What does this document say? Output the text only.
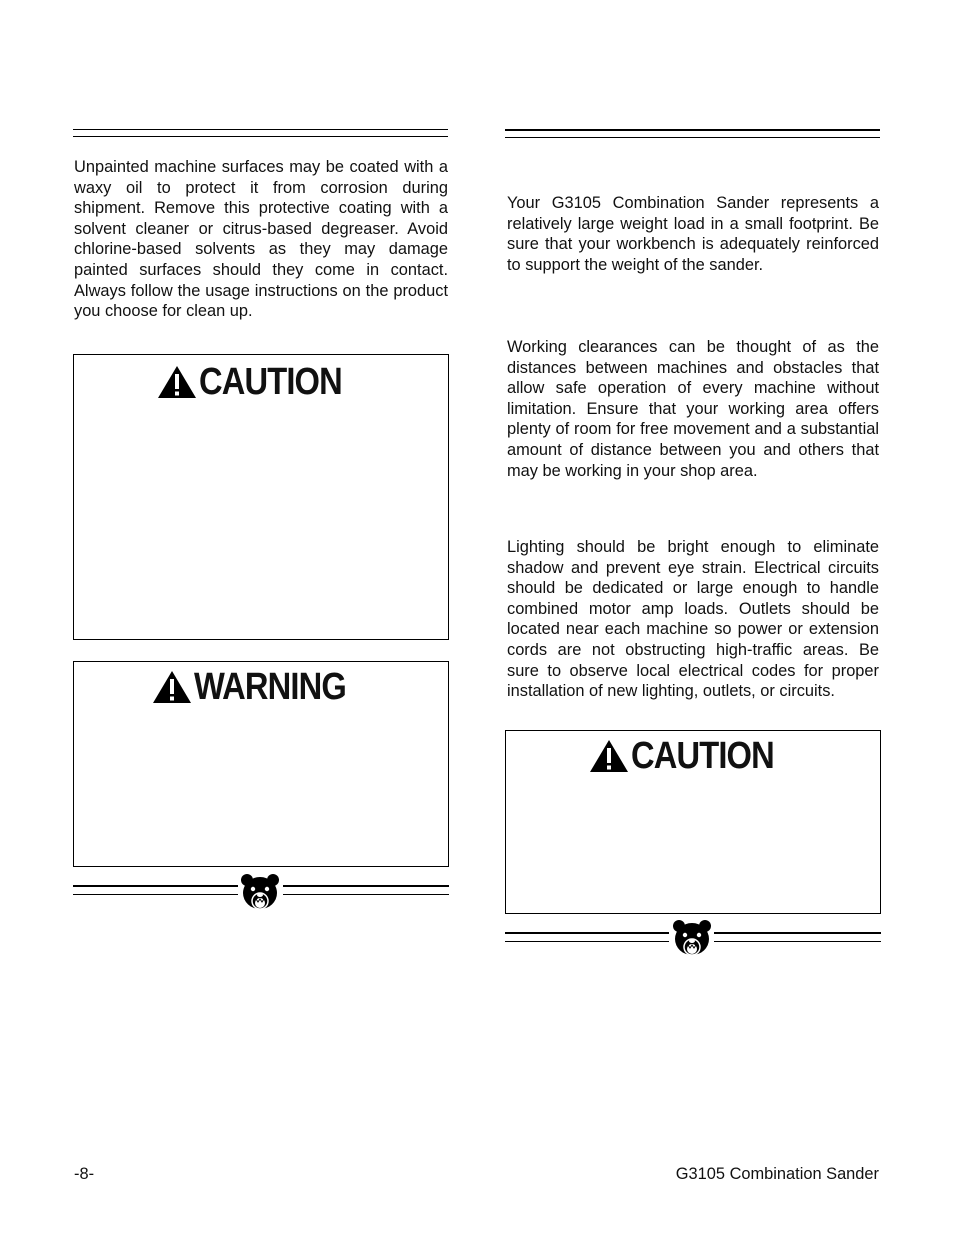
Unpainted machine surfaces may be coated with a waxy oil to protect it from corrosion during shipment. Remove this protective coating with a solvent cleaner or citrus-based degreaser. Avoid chlorine-based solvents as they may damage painted surfaces should they come in contact. Always follow the usage instructions on the product you choose for clean up.
CAUTION
WARNING
Your G3105 Combination Sander represents a relatively large weight load in a small footprint. Be sure that your workbench is adequately reinforced to support the weight of the sander.
Working clearances can be thought of as the distances between machines and obstacles that allow safe operation of every machine without limitation. Ensure that your working area offers plenty of room for free movement and a substantial amount of distance between you and others that may be working in your shop area.
Lighting should be bright enough to eliminate shadow and prevent eye strain. Electrical circuits should be dedicated or large enough to handle combined motor amp loads. Outlets should be located near each machine so power or extension cords are not obstructing high-traffic areas. Be sure to observe local electrical codes for proper installation of new lighting, outlets, or circuits.
CAUTION
-8-	G3105 Combination Sander
